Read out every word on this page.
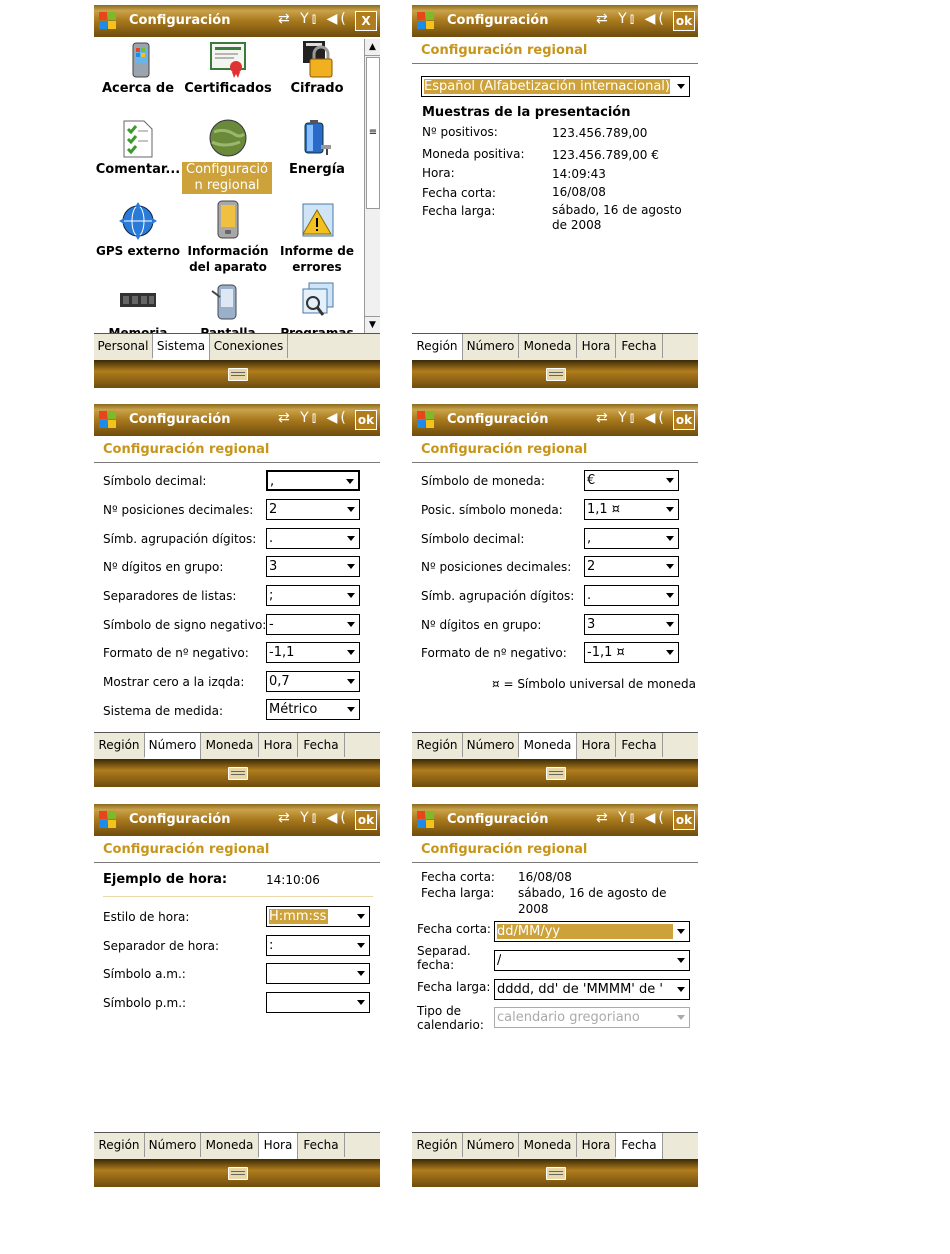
Configuración	⇄ Y⫾ ◀(	X
Acerca de Certificados	Cifrado
Comentar... Configuració n regional
Energía
GPS externo Información del aparato
Informe de errores
▲
≡
▼
Personal Sistema Conexiones
Configuración	⇄ Y⫾ ◀( ok
Configuración regional
Español (Alfabetización internacional)
Muestras de la presentación
Nº positivos:	123.456.789,00
Moneda positiva: 123.456.789,00 €
Hora:	14:09:43
Fecha corta:	16/08/08
Fecha larga:	sábado, 16 de agosto
de 2008
Región Número Moneda Hora Fecha
Configuración	⇄ Y⫾ ◀( ok
Configuración regional
Símbolo decimal:	,
Nº posiciones decimales: 2
Símb. agrupación dígitos: .
Nº dígitos en grupo:	3
Separadores de listas:	;
Símbolo de signo negativo: -
Formato de nº negativo: -1,1
Mostrar cero a la izqda: 0,7
Sistema de medida:	Métrico
Región Número Moneda Hora Fecha
Configuración	⇄ Y⫾ ◀( ok
Configuración regional
Símbolo de moneda:	€
Posic. símbolo moneda: 1,1 ¤
Símbolo decimal:	,
Nº posiciones decimales: 2
Símb. agrupación dígitos: .
Nº dígitos en grupo:	3
Formato de nº negativo: -1,1 ¤
¤ = Símbolo universal de moneda
Región Número Moneda Hora Fecha
Configuración	⇄ Y⫾ ◀( ok
Configuración regional
Ejemplo de hora:	14:10:06
Estilo de hora:	H:mm:ss
Separador de hora:	:
Símbolo a.m.:
Símbolo p.m.:
Región Número Moneda Hora Fecha
Configuración	⇄ Y⫾ ◀( ok
Configuración regional
Fecha corta: 16/08/08
Fecha larga: sábado, 16 de agosto de
2008
Fecha corta: dd/MM/yy
Separad.
fecha:	/
Fecha larga: dddd, dd' de 'MMMM' de '
Tipo de
calendario: calendario gregoriano
Región Número Moneda Hora Fecha
